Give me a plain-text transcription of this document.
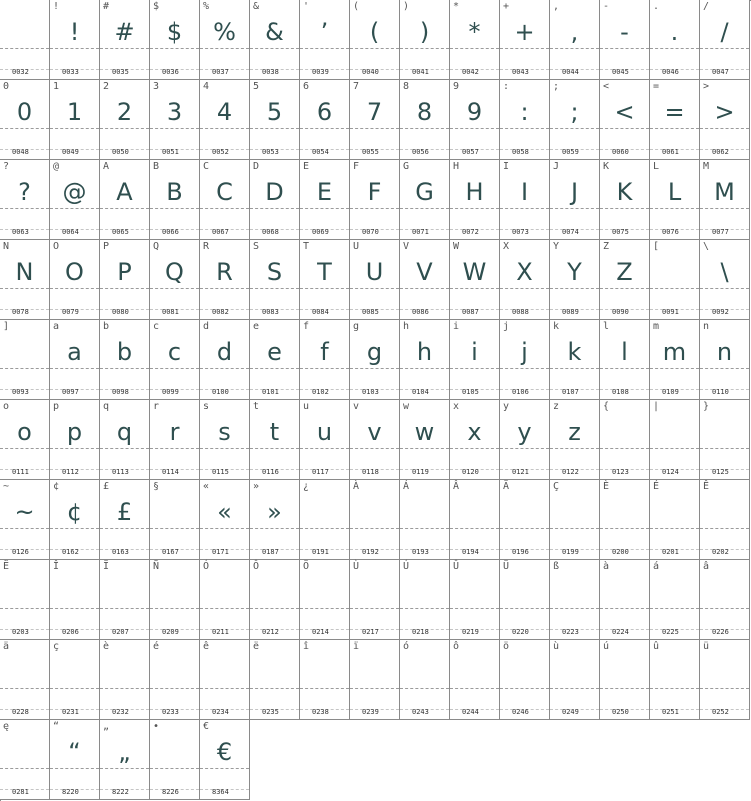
0032
!
!
0033
#
#
0035
$
$
0036
%
%
0037
&
&
0038
'
’
0039
(
(
0040
)
)
0041
*
*
0042
+
+
0043
,
,
0044
-
-
0045
.
.
0046
/
/
0047
0
0
0048
1
1
0049
2
2
0050
3
3
0051
4
4
0052
5
5
0053
6
6
0054
7
7
0055
8
8
0056
9
9
0057
:
:
0058
;
;
0059
<
<
0060
=
=
0061
>
>
0062
?
?
0063
@
@
0064
A
A
0065
B
B
0066
C
C
0067
D
D
0068
E
E
0069
F
F
0070
G
G
0071
H
H
0072
I
I
0073
J
J
0074
K
K
0075
L
L
0076
M
M
0077
N
N
0078
O
O
0079
P
P
0080
Q
Q
0081
R
R
0082
S
S
0083
T
T
0084
U
U
0085
V
V
0086
W
W
0087
X
X
0088
Y
Y
0089
Z
Z
0090
[
0091
\
\
0092
]
0093
a
a
0097
b
b
0098
c
c
0099
d
d
0100
e
e
0101
f
f
0102
g
g
0103
h
h
0104
i
i
0105
j
j
0106
k
k
0107
l
l
0108
m
m
0109
n
n
0110
o
o
0111
p
p
0112
q
q
0113
r
r
0114
s
s
0115
t
t
0116
u
u
0117
v
v
0118
w
w
0119
x
x
0120
y
y
0121
z
z
0122
{
0123
|
0124
}
0125
~
~
0126
¢
¢
0162
£
£
0163
§
0167
«
«
0171
»
»
0187
¿
0191
À
0192
Á
0193
Â
0194
Ä
0196
Ç
0199
È
0200
É
0201
Ê
0202
Ë
0203
Î
0206
Ï
0207
Ñ
0209
Ó
0211
Ô
0212
Ö
0214
Ù
0217
Ú
0218
Û
0219
Ü
0220
ß
0223
à
0224
á
0225
â
0226
ä
0228
ç
0231
è
0232
é
0233
ê
0234
ë
0235
î
0238
ï
0239
ó
0243
ô
0244
ö
0246
ù
0249
ú
0250
û
0251
ü
0252
ę
0281
“
“
8220
„
„
8222
•
8226
€
€
8364
